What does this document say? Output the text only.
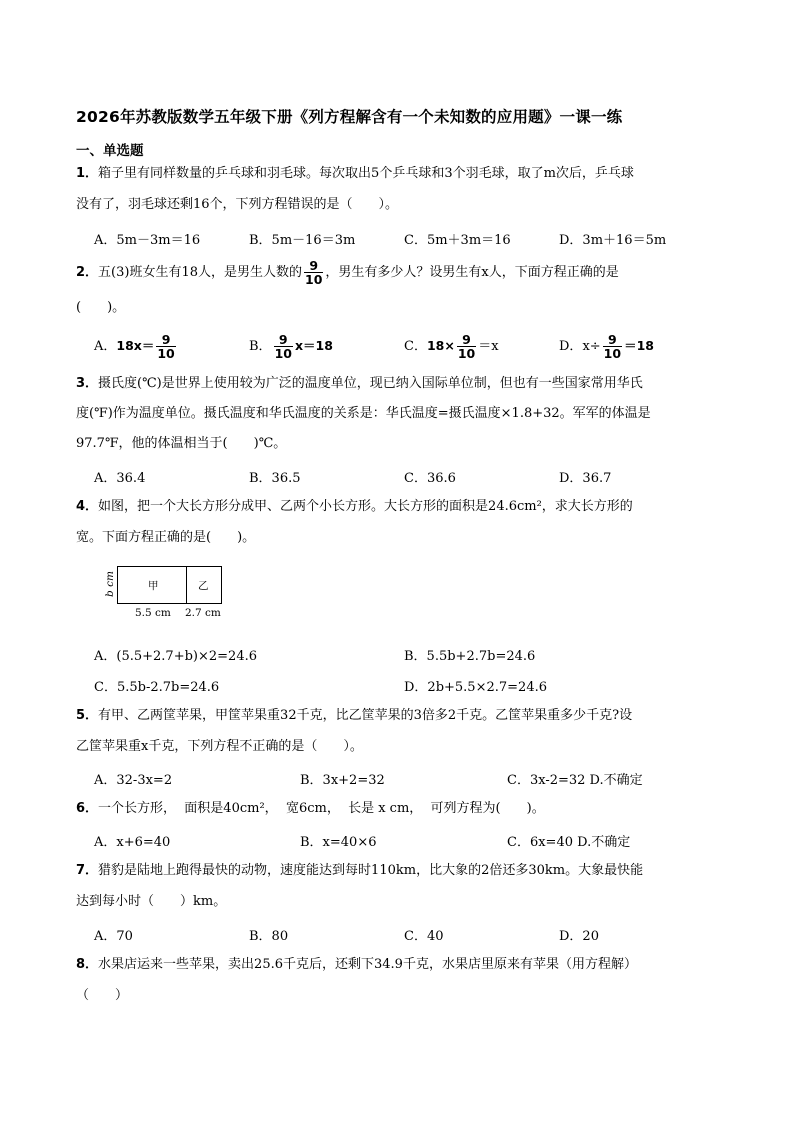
2026年苏教版数学五年级下册《列方程解含有一个未知数的应用题》一课一练
一、单选题
1．箱子里有同样数量的乒乓球和羽毛球。每次取出5个乒乓球和3个羽毛球，取了m次后，乒乓球
没有了，羽毛球还剩16个，下列方程错误的是（　　）。
A．5m－3m＝16	B．5m－16＝3m	C．5m＋3m＝16	D．3m＋16＝5m
2．五(3)班女生有18人，是男生人数的 $\frac{9}{10}$ ，男生有多少人？设男生有x人，下面方程正确的是
(　　)。
A．$18x= \frac{9}{10}$	B． $\frac{9}{10} x=18$	C．$18\times \frac{9}{10} =x$	D．$x\div \frac{9}{10} =18$
3．摄氏度(℃)是世界上使用较为广泛的温度单位，现已纳入国际单位制，但也有一些国家常用华氏
度(℉)作为温度单位。摄氏温度和华氏温度的关系是：华氏温度=摄氏温度×1.8+32。军军的体温是
97.7℉，他的体温相当于(　　)℃。
A．36.4	B．36.5	C．36.6	D．36.7
4．如图，把一个大长方形分成甲、乙两个小长方形。大长方形的面积是24.6cm²，求大长方形的
宽。下面方程正确的是(　　)。
b cm	甲	乙
5.5 cm 2.7 cm
A．(5.5+2.7+b)×2=24.6	B．5.5b+2.7b=24.6
C．5.5b-2.7b=24.6	D．2b+5.5×2.7=24.6
5．有甲、乙两筐苹果，甲筐苹果重32千克，比乙筐苹果的3倍多2千克。乙筐苹果重多少千克?设
乙筐苹果重x千克，下列方程不正确的是（　　）。
A．32-3x=2	B．3x+2=32	C．3x-2=32 D.不确定
6．一个长方形，  面积是40cm²，  宽6cm，  长是 x cm，  可列方程为(　　)。
A．x+6=40	B．x=40×6	C．6x=40 D.不确定
7．猎豹是陆地上跑得最快的动物，速度能达到每时110km，比大象的2倍还多30km。大象最快能
达到每小时（　　）km。
A．70	B．80	C．40	D．20
8．水果店运来一些苹果，卖出25.6千克后，还剩下34.9千克，水果店里原来有苹果（用方程解）
（　　）
